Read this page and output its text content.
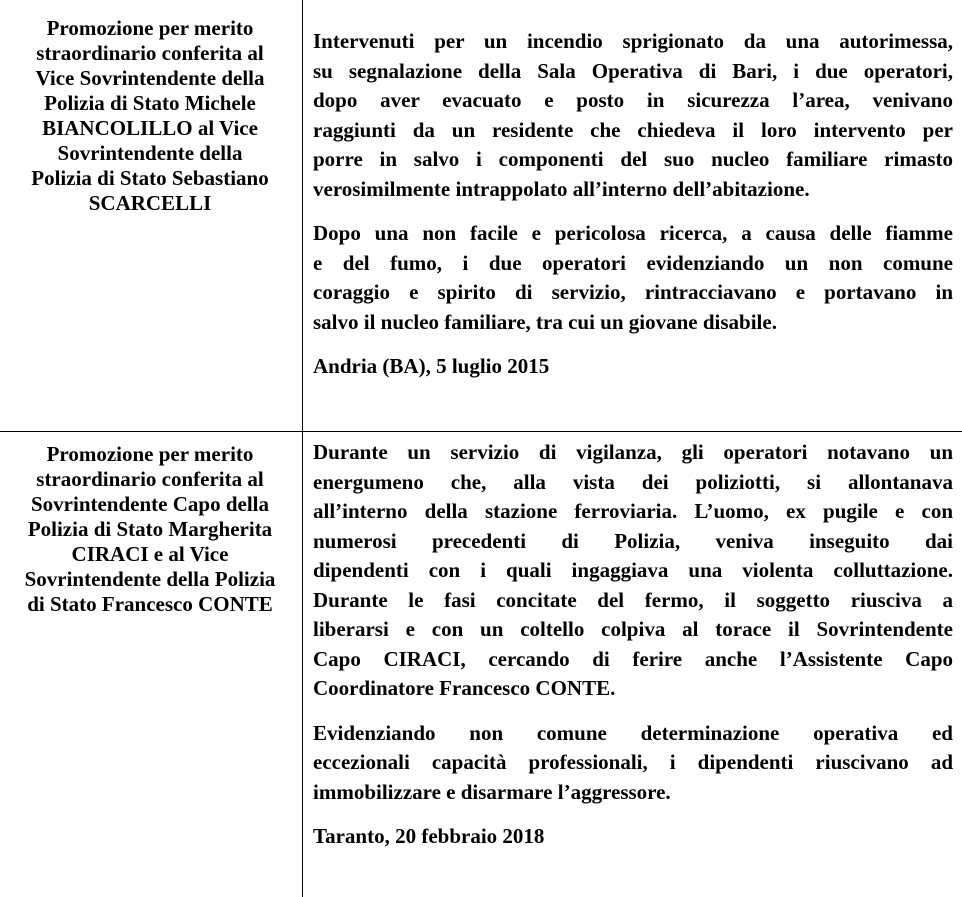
Promozione per merito
straordinario conferita al
Vice Sovrintendente della
Polizia di Stato Michele
BIANCOLILLO al Vice
Sovrintendente della
Polizia di Stato Sebastiano
SCARCELLI
Intervenuti per un incendio sprigionato da una autorimessa,
su segnalazione della Sala Operativa di Bari, i due operatori,
dopo aver evacuato e posto in sicurezza l’area, venivano
raggiunti da un residente che chiedeva il loro intervento per
porre in salvo i componenti del suo nucleo familiare rimasto
verosimilmente intrappolato all’interno dell’abitazione.
Dopo una non facile e pericolosa ricerca, a causa delle fiamme
e del fumo, i due operatori evidenziando un non comune
coraggio e spirito di servizio, rintracciavano e portavano in
salvo il nucleo familiare, tra cui un giovane disabile.

Andria (BA), 5 luglio 2015

Promozione per merito
straordinario conferita al
Sovrintendente Capo della
Polizia di Stato Margherita
CIRACI e al Vice
Sovrintendente della Polizia
di Stato Francesco CONTE
Durante un servizio di vigilanza, gli operatori notavano un
energumeno che, alla vista dei poliziotti, si allontanava
all’interno della stazione ferroviaria. L’uomo, ex pugile e con
numerosi precedenti di Polizia, veniva inseguito dai
dipendenti con i quali ingaggiava una violenta colluttazione.
Durante le fasi concitate del fermo, il soggetto riusciva a
liberarsi e con un coltello colpiva al torace il Sovrintendente
Capo CIRACI, cercando di ferire anche l’Assistente Capo
Coordinatore Francesco CONTE.
Evidenziando non comune determinazione operativa ed
eccezionali capacità professionali, i dipendenti riuscivano ad
immobilizzare e disarmare l’aggressore.

Taranto, 20 febbraio 2018
